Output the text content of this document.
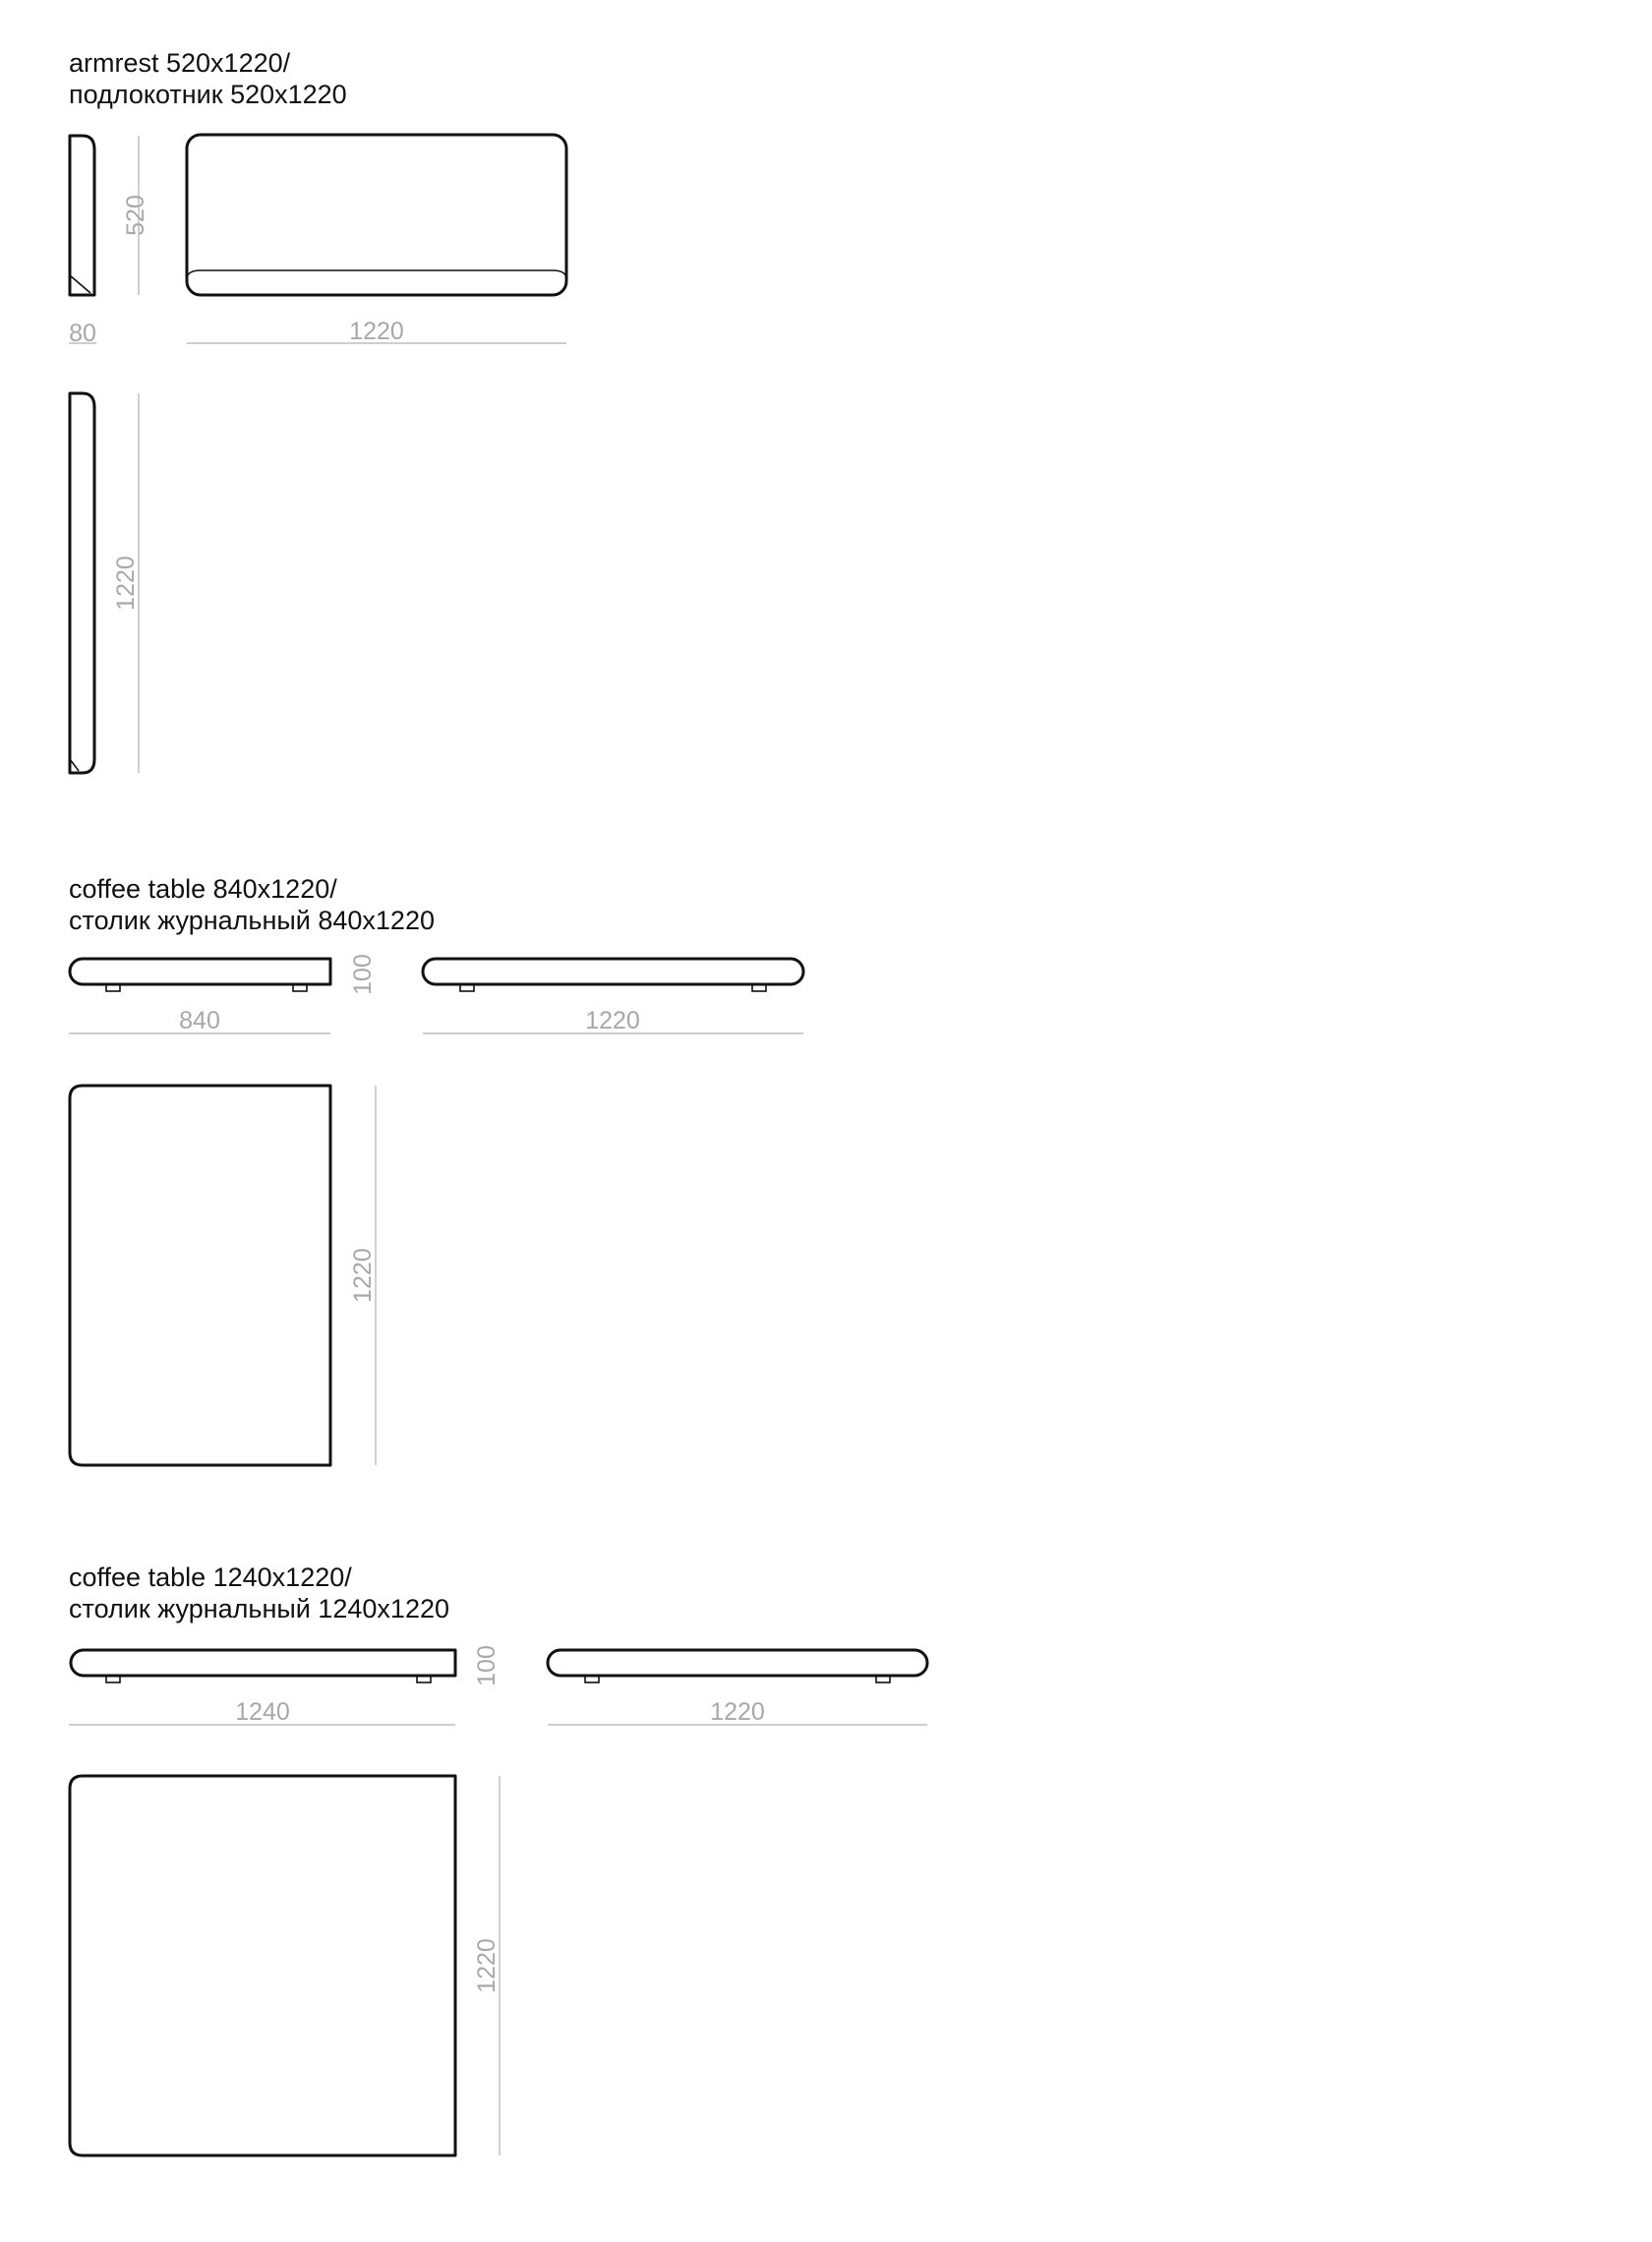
armrest 520x1220/
подлокотник 520x1220
coffee table 840x1220/
столик журнальный 840x1220
coffee table 1240x1220/
столик журнальный 1240x1220
520
80	1220
1220
100
840	1220
1220
100
1240	1220
1220
